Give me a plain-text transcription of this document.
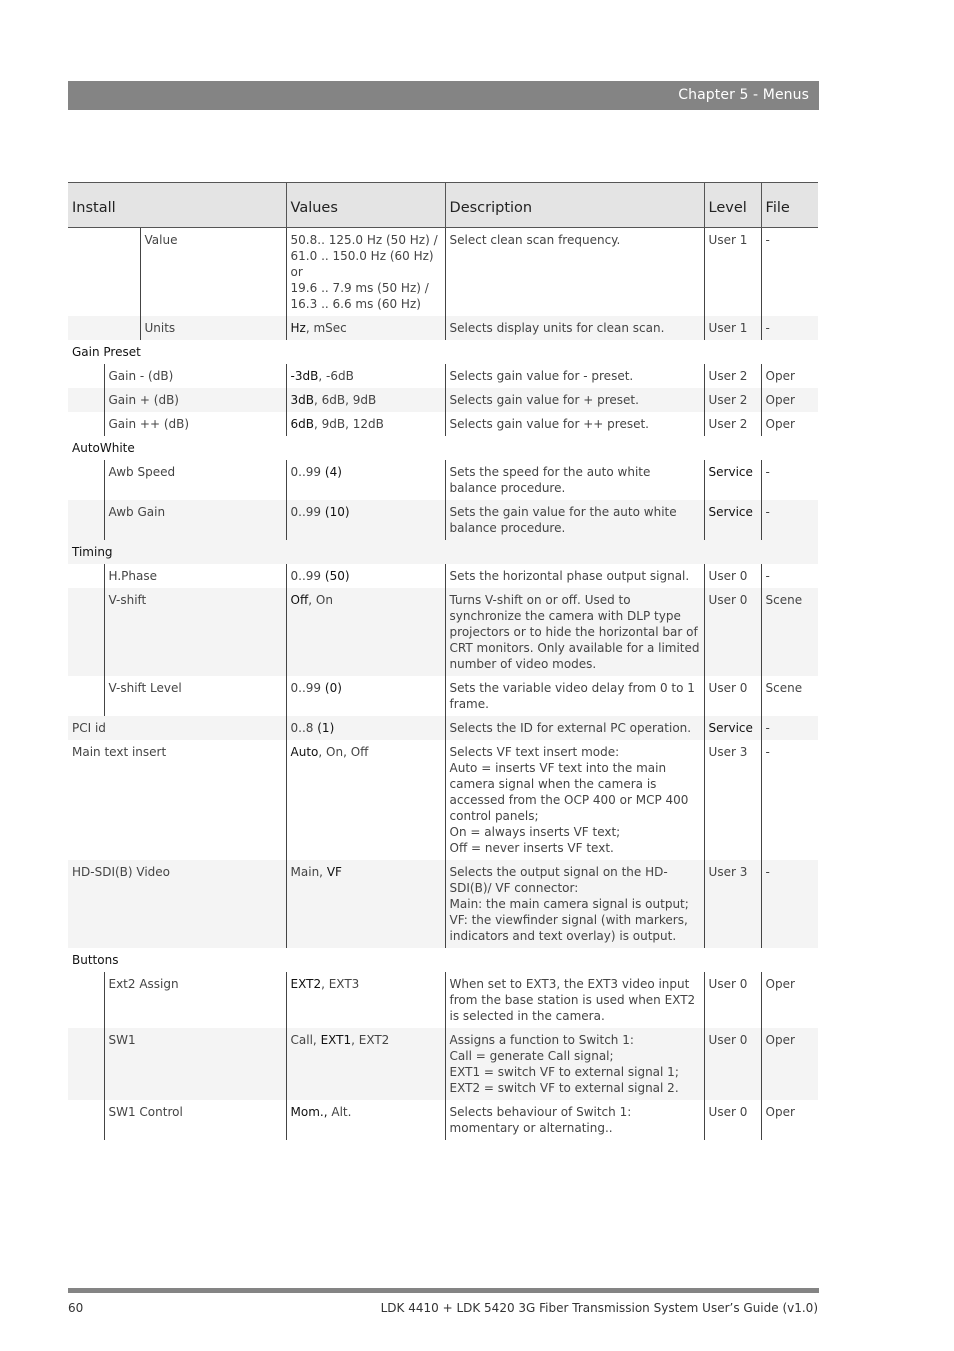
Chapter 5 - Menus
Install			Values	Description	Level	File
		Value	50.8.. 125.0 Hz (50 Hz) /
61.0 .. 150.0 Hz (60 Hz)
or
19.6 .. 7.9 ms (50 Hz) /
16.3 .. 6.6 ms (60 Hz)	Select clean scan frequency.	User 1	-
		Units	Hz, mSec	Selects display units for clean scan.	User 1	-
Gain Preset						
	Gain - (dB)		-3dB, -6dB	Selects gain value for - preset.	User 2	Oper
	Gain + (dB)		3dB, 6dB, 9dB	Selects gain value for + preset.	User 2	Oper
	Gain ++ (dB)		6dB, 9dB, 12dB	Selects gain value for ++ preset.	User 2	Oper
AutoWhite						
	Awb Speed		0..99 (4)	Sets the speed for the auto white balance procedure.	Service	-
	Awb Gain		0..99 (10)	Sets the gain value for the auto white balance procedure.	Service	-
Timing						
	H.Phase		0..99 (50)	Sets the horizontal phase output signal.	User 0	-
	V-shift		Off, On	Turns V-shift on or off. Used to synchronize the camera with DLP type projectors or to hide the horizontal bar of CRT monitors. Only available for a limited number of video modes.	User 0	Scene
	V-shift Level		0..99 (0)	Sets the variable video delay from 0 to 1 frame.	User 0	Scene
PCI id			0..8 (1)	Selects the ID for external PC operation.	Service	-
Main text insert			Auto, On, Off	Selects VF text insert mode:
Auto = inserts VF text into the main camera signal when the camera is accessed from the OCP 400 or MCP 400 control panels;
On = always inserts VF text;
Off = never inserts VF text.	User 3	-
HD-SDI(B) Video			Main, VF	Selects the output signal on the HD-SDI(B)/ VF connector:
Main: the main camera signal is output;
VF: the viewfinder signal (with markers, indicators and text overlay) is output.	User 3	-
Buttons						
	Ext2 Assign		EXT2, EXT3	When set to EXT3, the EXT3 video input from the base station is used when EXT2 is selected in the camera.	User 0	Oper
	SW1		Call, EXT1, EXT2	Assigns a function to Switch 1:
Call = generate Call signal;
EXT1 = switch VF to external signal 1;
EXT2 = switch VF to external signal 2.	User 0	Oper
	SW1 Control		Mom., Alt.	Selects behaviour of Switch 1:
momentary or alternating..	User 0	Oper
60	LDK 4410 + LDK 5420 3G Fiber Transmission System User’s Guide (v1.0)
